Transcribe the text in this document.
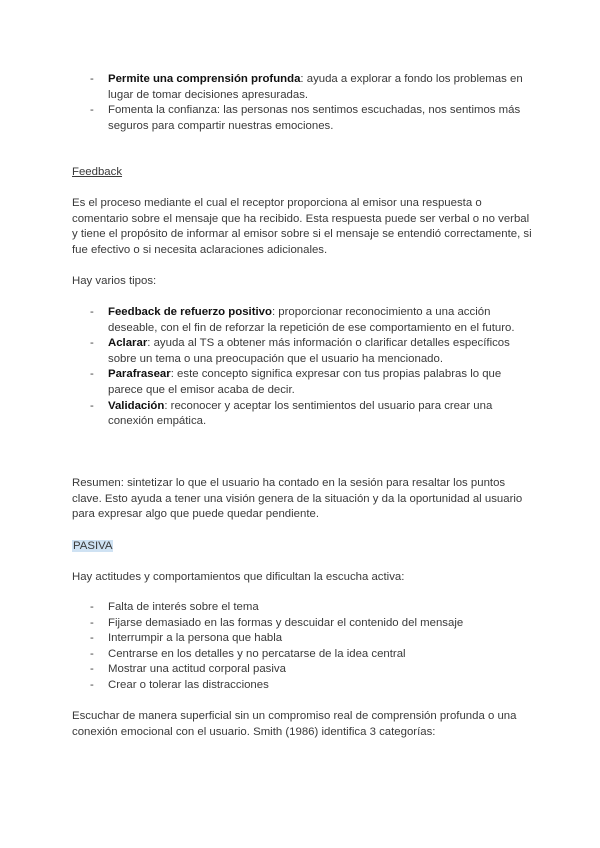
- Permite una comprensión profunda: ayuda a explorar a fondo los problemas en lugar de tomar decisiones apresuradas.
- Fomenta la confianza: las personas nos sentimos escuchadas, nos sentimos más seguros para compartir nuestras emociones.

Feedback

Es el proceso mediante el cual el receptor proporciona al emisor una respuesta o comentario sobre el mensaje que ha recibido. Esta respuesta puede ser verbal o no verbal y tiene el propósito de informar al emisor sobre si el mensaje se entendió correctamente, si fue efectivo o si necesita aclaraciones adicionales.

Hay varios tipos:

- Feedback de refuerzo positivo: proporcionar reconocimiento a una acción deseable, con el fin de reforzar la repetición de ese comportamiento en el futuro.
- Aclarar: ayuda al TS a obtener más información o clarificar detalles específicos sobre un tema o una preocupación que el usuario ha mencionado.
- Parafrasear: este concepto significa expresar con tus propias palabras lo que parece que el emisor acaba de decir.
- Validación: reconocer y aceptar los sentimientos del usuario para crear una conexión empática.

Resumen: sintetizar lo que el usuario ha contado en la sesión para resaltar los puntos clave. Esto ayuda a tener una visión genera de la situación y da la oportunidad al usuario para expresar algo que puede quedar pendiente.

PASIVA

Hay actitudes y comportamientos que dificultan la escucha activa:

- Falta de interés sobre el tema
- Fijarse demasiado en las formas y descuidar el contenido del mensaje
- Interrumpir a la persona que habla
- Centrarse en los detalles y no percatarse de la idea central
- Mostrar una actitud corporal pasiva
- Crear o tolerar las distracciones

Escuchar de manera superficial sin un compromiso real de comprensión profunda o una conexión emocional con el usuario. Smith (1986) identifica 3 categorías:
